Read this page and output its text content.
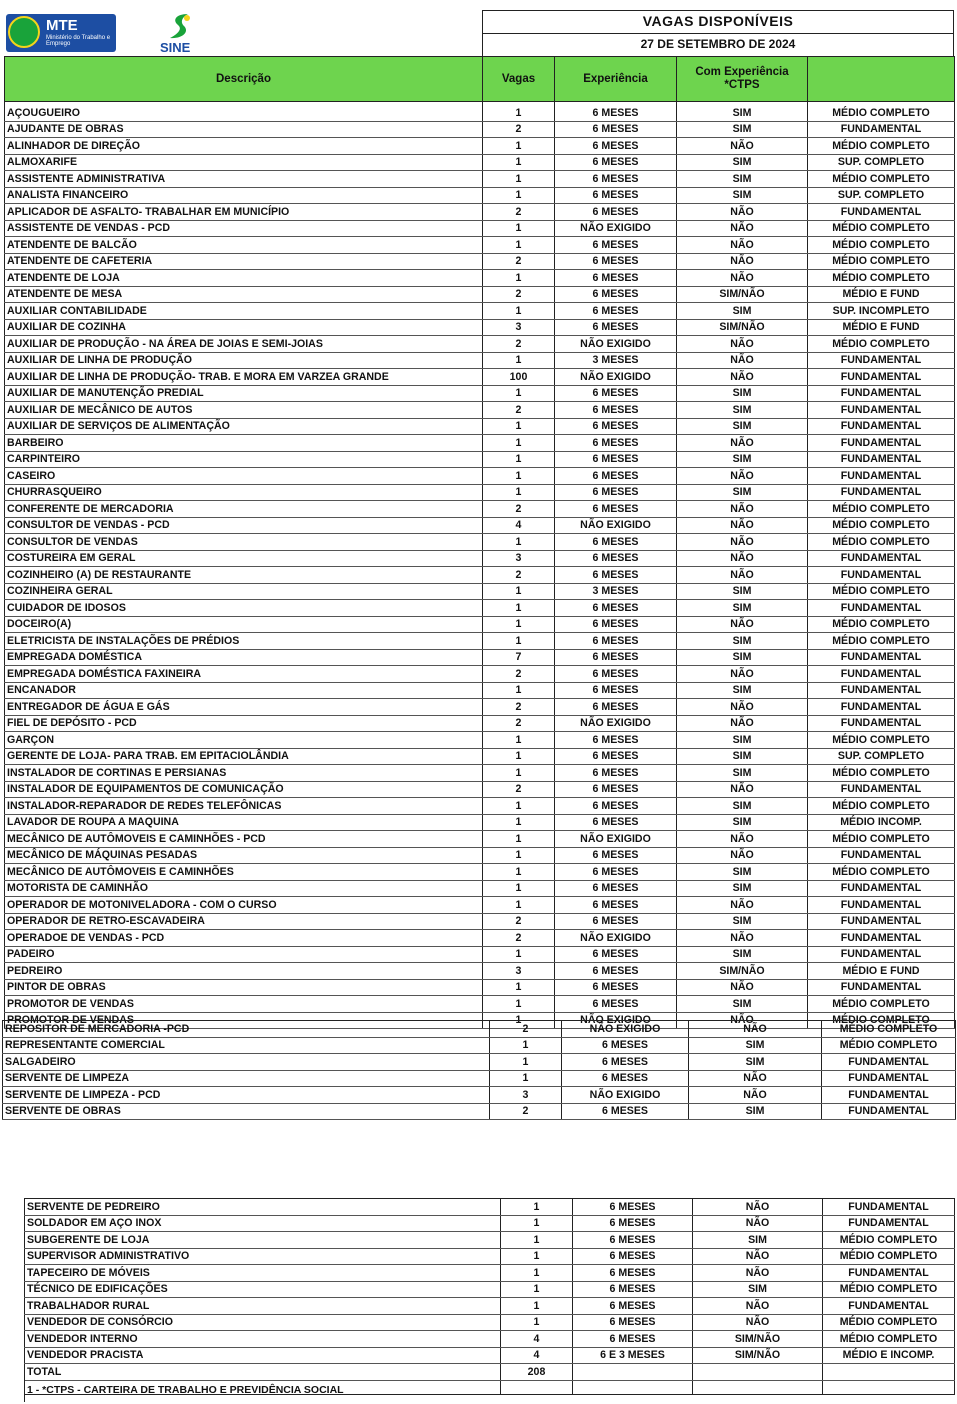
MTE
Ministério do Trabalho e Emprego	SINE
VAGAS DISPONÍVEIS
27 DE SETEMBRO DE 2024
Descrição	Vagas	Experiência	Com Experiência *CTPS	
AÇOUGUEIRO	1	6 MESES	SIM	MÉDIO COMPLETO
AJUDANTE DE OBRAS	2	6 MESES	SIM	FUNDAMENTAL
ALINHADOR DE DIREÇÃO	1	6 MESES	NÃO	MÉDIO COMPLETO
ALMOXARIFE	1	6 MESES	SIM	SUP. COMPLETO
ASSISTENTE ADMINISTRATIVA	1	6 MESES	SIM	MÉDIO COMPLETO
ANALISTA FINANCEIRO	1	6 MESES	SIM	SUP. COMPLETO
APLICADOR DE ASFALTO- TRABALHAR EM MUNICÍPIO	2	6 MESES	NÃO	FUNDAMENTAL
ASSISTENTE DE VENDAS - PCD	1	NÃO EXIGIDO	NÃO	MÉDIO COMPLETO
ATENDENTE DE BALCÃO	1	6 MESES	NÃO	MÉDIO COMPLETO
ATENDENTE DE CAFETERIA	2	6 MESES	NÃO	MÉDIO COMPLETO
ATENDENTE DE LOJA	1	6 MESES	NÃO	MÉDIO COMPLETO
ATENDENTE DE MESA	2	6 MESES	SIM/NÃO	MÉDIO E FUND
AUXILIAR CONTABILIDADE	1	6 MESES	SIM	SUP. INCOMPLETO
AUXILIAR DE COZINHA	3	6 MESES	SIM/NÃO	MÉDIO E FUND
AUXILIAR DE PRODUÇÃO - NA ÁREA DE JOIAS E SEMI-JOIAS	2	NÃO EXIGIDO	NÃO	MÉDIO COMPLETO
AUXILIAR DE LINHA DE PRODUÇÃO	1	3 MESES	NÃO	FUNDAMENTAL
AUXILIAR DE LINHA DE PRODUÇÃO- TRAB. E MORA EM VARZEA GRANDE	100	NÃO EXIGIDO	NÃO	FUNDAMENTAL
AUXILIAR DE MANUTENÇÃO PREDIAL	1	6 MESES	SIM	FUNDAMENTAL
AUXILIAR DE MECÂNICO DE AUTOS	2	6 MESES	SIM	FUNDAMENTAL
AUXILIAR DE SERVIÇOS DE ALIMENTAÇÃO	1	6 MESES	SIM	FUNDAMENTAL
BARBEIRO	1	6 MESES	NÃO	FUNDAMENTAL
CARPINTEIRO	1	6 MESES	SIM	FUNDAMENTAL
CASEIRO	1	6 MESES	NÃO	FUNDAMENTAL
CHURRASQUEIRO	1	6 MESES	SIM	FUNDAMENTAL
CONFERENTE DE MERCADORIA	2	6 MESES	NÃO	MÉDIO COMPLETO
CONSULTOR DE VENDAS - PCD	4	NÃO EXIGIDO	NÃO	MÉDIO COMPLETO
CONSULTOR DE VENDAS	1	6 MESES	NÃO	MÉDIO COMPLETO
COSTUREIRA EM GERAL	3	6 MESES	NÃO	FUNDAMENTAL
COZINHEIRO (A) DE RESTAURANTE	2	6 MESES	NÃO	FUNDAMENTAL
COZINHEIRA GERAL	1	3 MESES	SIM	MÉDIO COMPLETO
CUIDADOR DE IDOSOS	1	6 MESES	SIM	FUNDAMENTAL
DOCEIRO(A)	1	6 MESES	NÃO	MÉDIO COMPLETO
ELETRICISTA DE INSTALAÇÕES DE PRÉDIOS	1	6 MESES	SIM	MÉDIO COMPLETO
EMPREGADA DOMÉSTICA	7	6 MESES	SIM	FUNDAMENTAL
EMPREGADA DOMÉSTICA FAXINEIRA	2	6 MESES	NÃO	FUNDAMENTAL
ENCANADOR	1	6 MESES	SIM	FUNDAMENTAL
ENTREGADOR DE ÁGUA E GÁS	2	6 MESES	NÃO	FUNDAMENTAL
FIEL DE DEPÓSITO - PCD	2	NÃO EXIGIDO	NÃO	FUNDAMENTAL
GARÇON	1	6 MESES	SIM	MÉDIO COMPLETO
GERENTE DE LOJA- PARA TRAB. EM EPITACIOLÂNDIA	1	6 MESES	SIM	SUP. COMPLETO
INSTALADOR DE CORTINAS E PERSIANAS	1	6 MESES	SIM	MÉDIO COMPLETO
INSTALADOR DE EQUIPAMENTOS DE COMUNICAÇÃO	2	6 MESES	NÃO	FUNDAMENTAL
INSTALADOR-REPARADOR DE REDES TELEFÔNICAS	1	6 MESES	SIM	MÉDIO COMPLETO
LAVADOR DE ROUPA A MAQUINA	1	6 MESES	SIM	MÉDIO INCOMP.
MECÂNICO DE AUTÔMOVEIS E CAMINHÕES - PCD	1	NÃO EXIGIDO	NÃO	MÉDIO COMPLETO
MECÂNICO DE MÁQUINAS PESADAS	1	6 MESES	NÃO	FUNDAMENTAL
MECÂNICO DE AUTÔMOVEIS E CAMINHÕES	1	6 MESES	SIM	MÉDIO COMPLETO
MOTORISTA DE CAMINHÃO	1	6 MESES	SIM	FUNDAMENTAL
OPERADOR DE MOTONIVELADORA - COM O CURSO	1	6 MESES	NÃO	FUNDAMENTAL
OPERADOR DE RETRO-ESCAVADEIRA	2	6 MESES	SIM	FUNDAMENTAL
OPERADOE DE VENDAS - PCD	2	NÃO EXIGIDO	NÃO	FUNDAMENTAL
PADEIRO	1	6 MESES	SIM	FUNDAMENTAL
PEDREIRO	3	6 MESES	SIM/NÃO	MÉDIO E FUND
PINTOR DE OBRAS	1	6 MESES	NÃO	FUNDAMENTAL
PROMOTOR DE VENDAS	1	6 MESES	SIM	MÉDIO COMPLETO
PROMOTOR DE VENDAS	1	NÃO EXIGIDO	NÃO	MÉDIO COMPLETO
REPOSITOR DE MERCADORIA -PCD	2	NÃO EXIGIDO	NÃO	MÉDIO COMPLETO
REPRESENTANTE COMERCIAL	1	6 MESES	SIM	MÉDIO COMPLETO
SALGADEIRO	1	6 MESES	SIM	FUNDAMENTAL
SERVENTE DE LIMPEZA	1	6 MESES	NÃO	FUNDAMENTAL
SERVENTE DE LIMPEZA - PCD	3	NÃO EXIGIDO	NÃO	FUNDAMENTAL
SERVENTE DE OBRAS	2	6 MESES	SIM	FUNDAMENTAL
SERVENTE DE PEDREIRO	1	6 MESES	NÃO	FUNDAMENTAL
SOLDADOR EM AÇO INOX	1	6 MESES	NÃO	FUNDAMENTAL
SUBGERENTE DE LOJA	1	6 MESES	SIM	MÉDIO COMPLETO
SUPERVISOR ADMINISTRATIVO	1	6 MESES	NÃO	MÉDIO COMPLETO
TAPECEIRO DE MÓVEIS	1	6 MESES	NÃO	FUNDAMENTAL
TÉCNICO DE EDIFICAÇÕES	1	6 MESES	SIM	MÉDIO COMPLETO
TRABALHADOR RURAL	1	6 MESES	NÃO	FUNDAMENTAL
VENDEDOR DE CONSÓRCIO	1	6 MESES	NÃO	MÉDIO COMPLETO
VENDEDOR INTERNO	4	6 MESES	SIM/NÃO	MÉDIO COMPLETO
VENDEDOR PRACISTA	4	6 E 3 MESES	SIM/NÃO	MÉDIO E INCOMP.
TOTAL	208			

1 - *CTPS - CARTEIRA DE TRABALHO E PREVIDÊNCIA SOCIAL
